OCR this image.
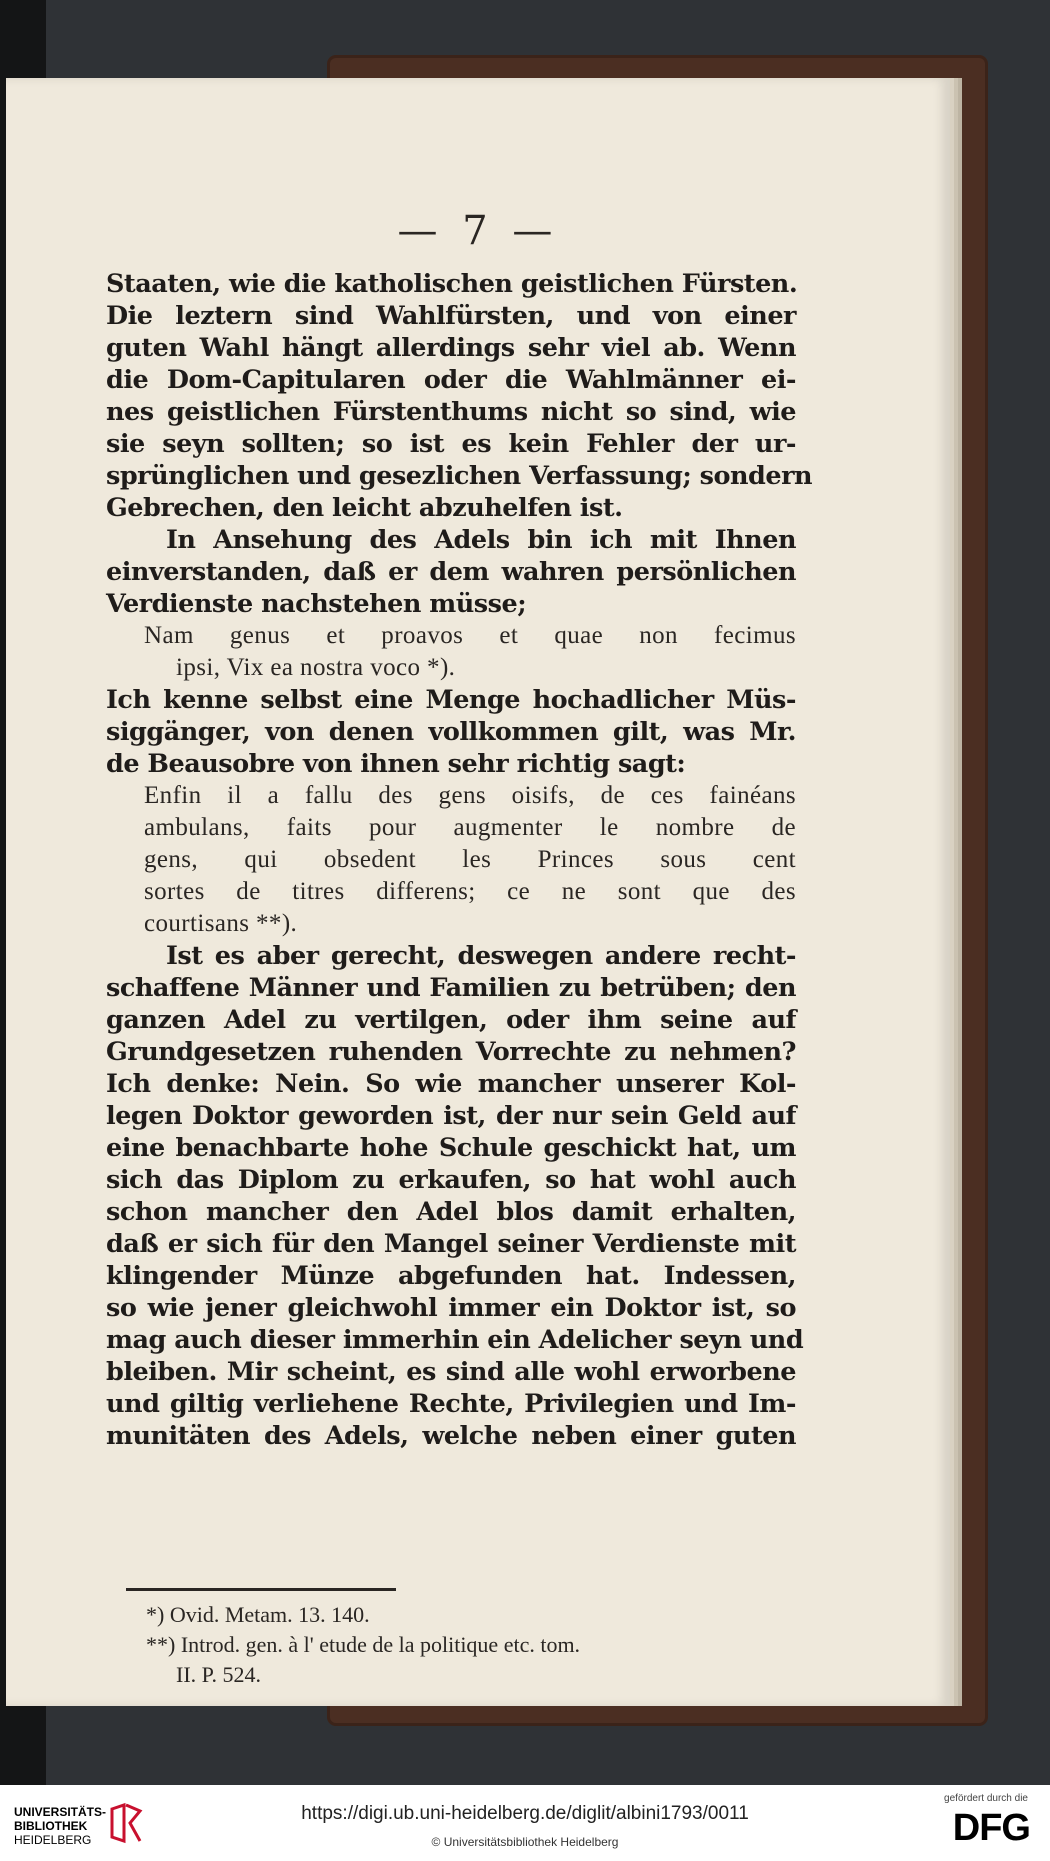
— 7 —
Staaten, wie die katholischen geistlichen Fürsten.
Die leztern sind Wahlfürsten, und von einer
guten Wahl hängt allerdings sehr viel ab. Wenn
die Dom-Capitularen oder die Wahlmänner ei-
nes geistlichen Fürstenthums nicht so sind, wie
sie seyn sollten; so ist es kein Fehler der ur-
sprünglichen und gesezlichen Verfassung; sondern
Gebrechen, den leicht abzuhelfen ist.
In Ansehung des Adels bin ich mit Ihnen
einverstanden, daß er dem wahren persönlichen
Verdienste nachstehen müsse;
Nam genus et proavos et quae non fecimus
ipsi, Vix ea nostra voco *).
Ich kenne selbst eine Menge hochadlicher Müs-
siggänger, von denen vollkommen gilt, was Mr.
de Beausobre von ihnen sehr richtig sagt:
Enfin il a fallu des gens oisifs, de ces fainéans
ambulans, faits pour augmenter le nombre de
gens, qui obsedent les Princes sous cent
sortes de titres differens; ce ne sont que des
courtisans **).
Ist es aber gerecht, deswegen andere recht-
schaffene Männer und Familien zu betrüben; den
ganzen Adel zu vertilgen, oder ihm seine auf
Grundgesetzen ruhenden Vorrechte zu nehmen?
Ich denke: Nein. So wie mancher unserer Kol-
legen Doktor geworden ist, der nur sein Geld auf
eine benachbarte hohe Schule geschickt hat, um
sich das Diplom zu erkaufen, so hat wohl auch
schon mancher den Adel blos damit erhalten,
daß er sich für den Mangel seiner Verdienste mit
klingender Münze abgefunden hat. Indessen,
so wie jener gleichwohl immer ein Doktor ist, so
mag auch dieser immerhin ein Adelicher seyn und
bleiben. Mir scheint, es sind alle wohl erworbene
und giltig verliehene Rechte, Privilegien und Im-
munitäten des Adels, welche neben einer guten
*) Ovid. Metam. 13. 140.
**) Introd. gen. à l' etude de la politique etc. tom.
II. P. 524.
UNIVERSITÄTS-
BIBLIOTHEK
HEIDELBERG
https://digi.ub.uni-heidelberg.de/diglit/albini1793/0011
© Universitätsbibliothek Heidelberg
gefördert durch die
DFG
